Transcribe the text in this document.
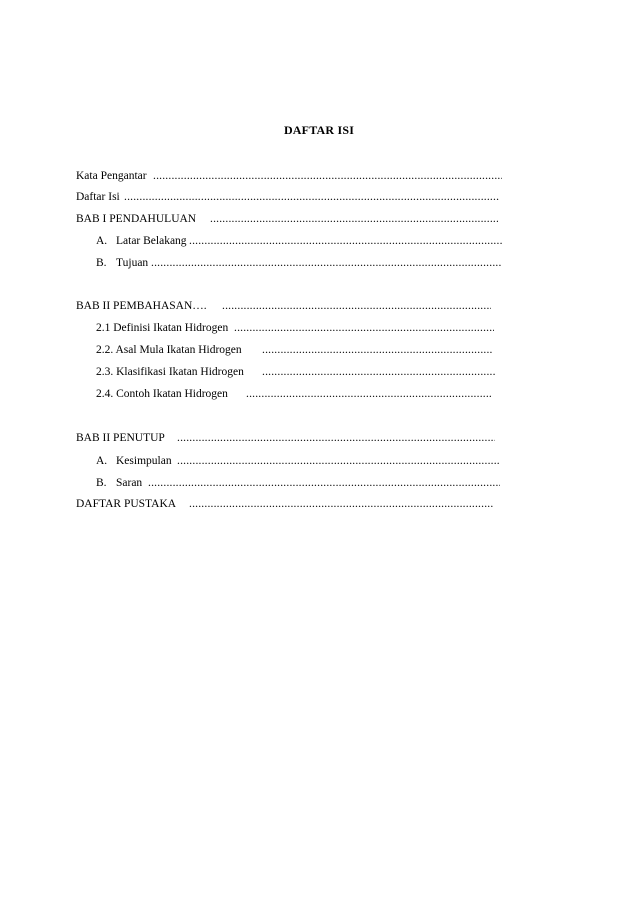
DAFTAR ISI
Kata Pengantar
.....
Daftar Isi
.....
BAB I PENDAHULUAN
.....
A. Latar Belakang
.....
B. Tujuan
.....
BAB II PEMBAHASAN….
.....
2.1 Definisi Ikatan Hidrogen
.....
2.2. Asal Mula Ikatan Hidrogen
.....
2.3. Klasifikasi Ikatan Hidrogen
.....
2.4. Contoh Ikatan Hidrogen
.....
BAB II PENUTUP
.....
A. Kesimpulan
.....
B. Saran
.....
DAFTAR PUSTAKA
.....
